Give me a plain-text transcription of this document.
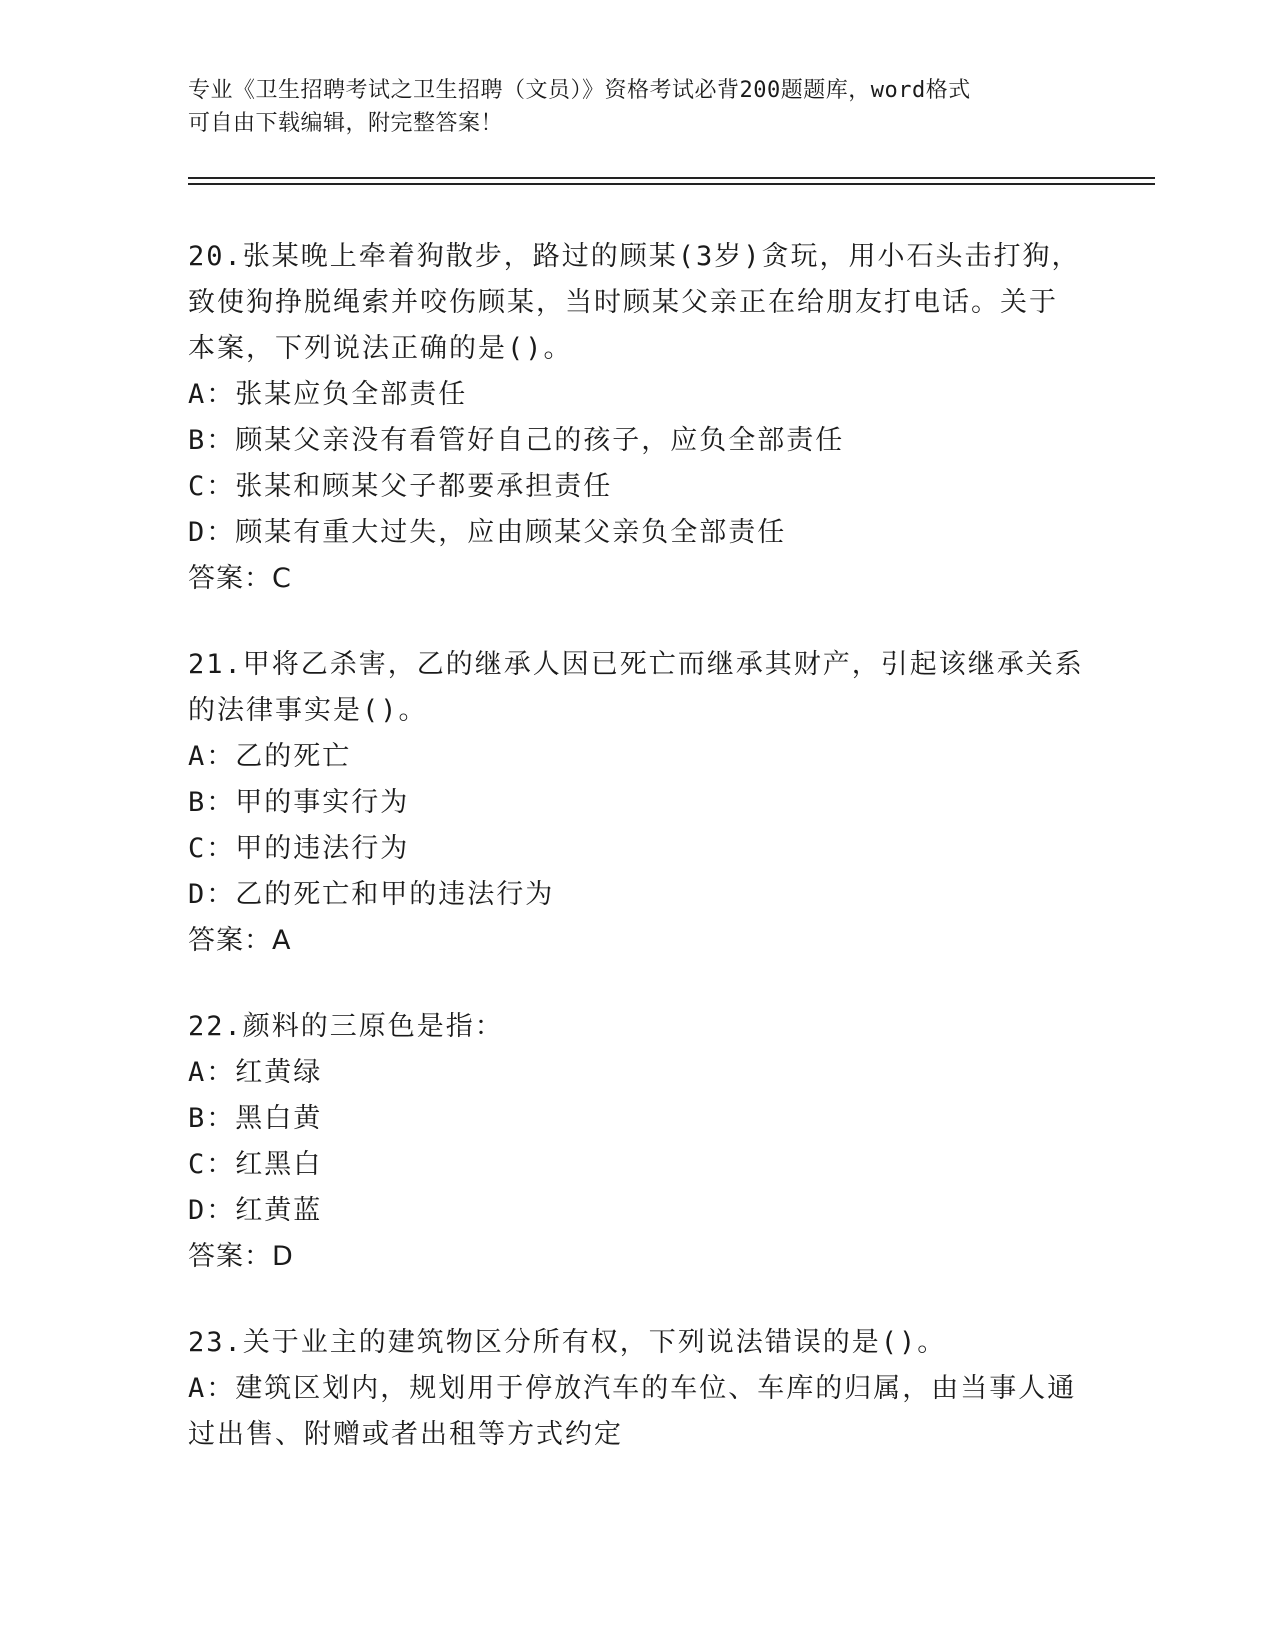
专业《卫生招聘考试之卫生招聘（文员）》资格考试必背200题题库，word格式

可自由下载编辑，附完整答案！

20.张某晚上牵着狗散步，路过的顾某(3岁)贪玩，用小石头击打狗，

致使狗挣脱绳索并咬伤顾某，当时顾某父亲正在给朋友打电话。关于

本案，下列说法正确的是()。

A：张某应负全部责任

B：顾某父亲没有看管好自己的孩子，应负全部责任

C：张某和顾某父子都要承担责任

D：顾某有重大过失，应由顾某父亲负全部责任

答案：C

21.甲将乙杀害，乙的继承人因已死亡而继承其财产，引起该继承关系

的法律事实是()。

A：乙的死亡

B：甲的事实行为

C：甲的违法行为

D：乙的死亡和甲的违法行为

答案：A

22.颜料的三原色是指：

A：红黄绿

B：黑白黄

C：红黑白

D：红黄蓝

答案：D

23.关于业主的建筑物区分所有权，下列说法错误的是()。

A：建筑区划内，规划用于停放汽车的车位、车库的归属，由当事人通

过出售、附赠或者出租等方式约定
